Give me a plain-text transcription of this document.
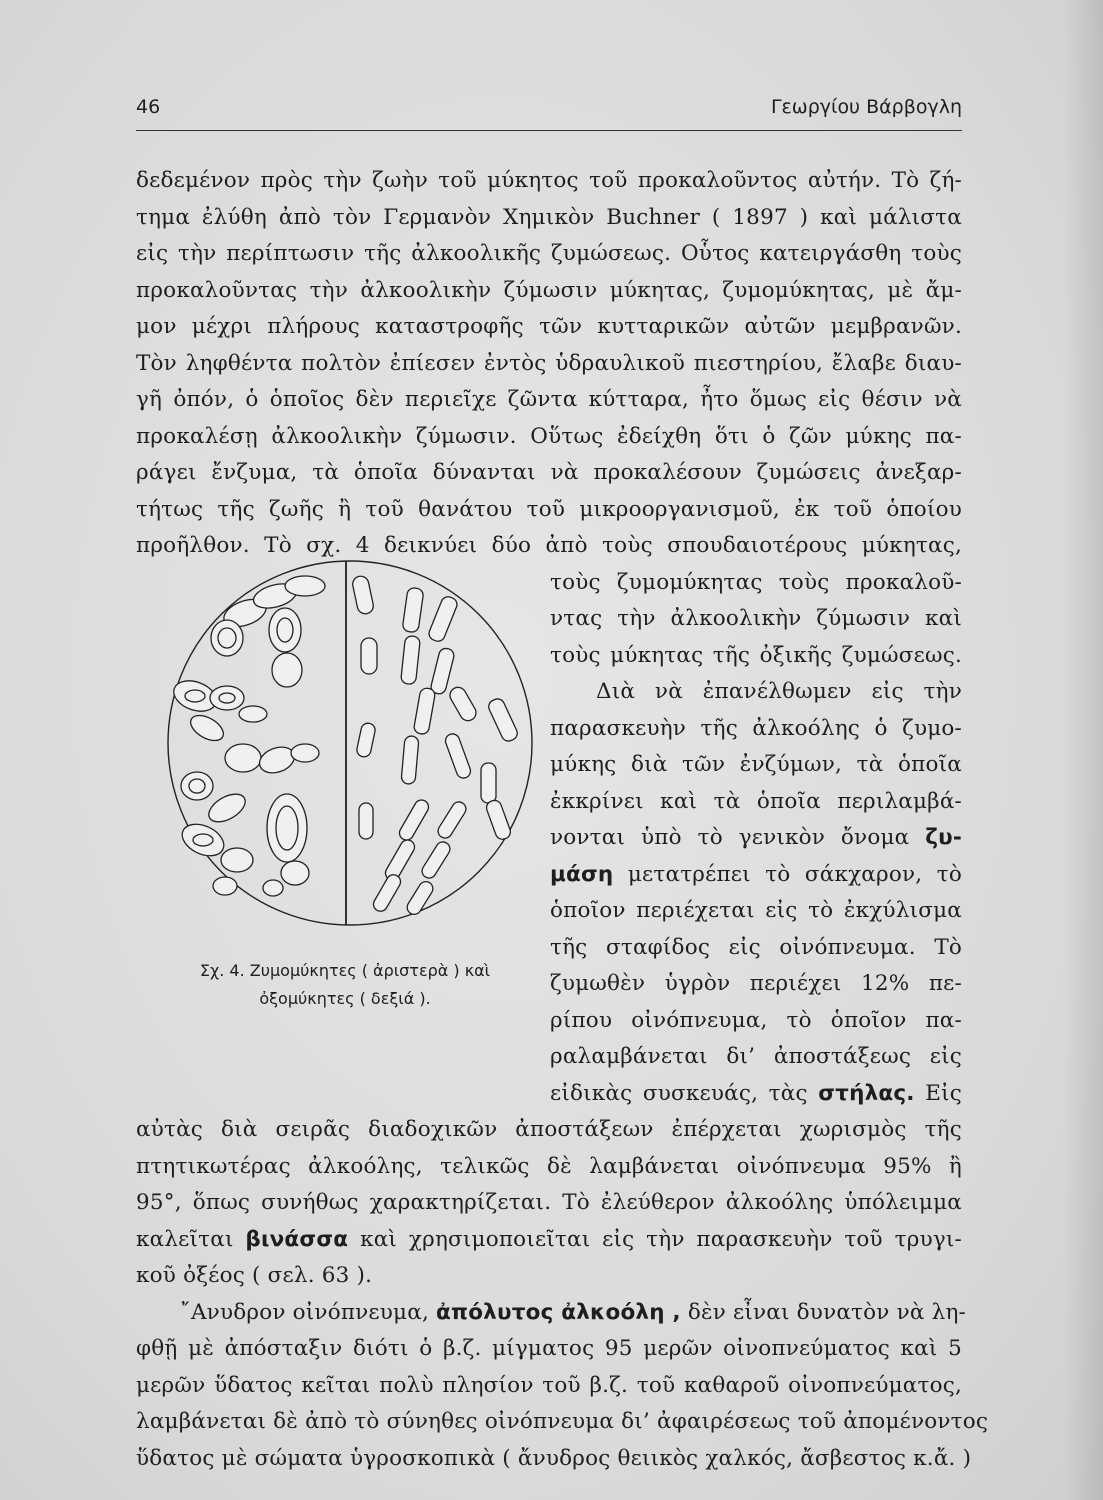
46	Γεωργίου Βάρβογλη
δεδεμένον πρὸς τὴν ζωὴν τοῦ μύκητος τοῦ προκαλοῦντος αὐτήν. Τὸ ζή-
τημα ἐλύθη ἀπὸ τὸν Γερμανὸν Χημικὸν Buchner ( 1897 ) καὶ μάλιστα
εἰς τὴν περίπτωσιν τῆς ἀλκοολικῆς ζυμώσεως. Οὗτος κατειργάσθη τοὺς
προκαλοῦντας τὴν ἀλκοολικὴν ζύμωσιν μύκητας, ζυμομύκητας, μὲ ἄμ-
μον μέχρι πλήρους καταστροφῆς τῶν κυτταρικῶν αὐτῶν μεμβρανῶν.
Τὸν ληφθέντα πολτὸν ἐπίεσεν ἐντὸς ὑδραυλικοῦ πιεστηρίου, ἔλαβε διαυ-
γῆ ὀπόν, ὁ ὁποῖος δὲν περιεῖχε ζῶντα κύτταρα, ἦτο ὅμως εἰς θέσιν νὰ
προκαλέσῃ ἀλκοολικὴν ζύμωσιν. Οὕτως ἐδείχθη ὅτι ὁ ζῶν μύκης πα-
ράγει ἔνζυμα, τὰ ὁποῖα δύνανται νὰ προκαλέσουν ζυμώσεις ἀνεξαρ-
τήτως τῆς ζωῆς ἢ τοῦ θανάτου τοῦ μικροοργανισμοῦ, ἐκ τοῦ ὁποίου
προῆλθον. Τὸ σχ. 4 δεικνύει δύο ἀπὸ τοὺς σπουδαιοτέρους μύκητας,
τοὺς ζυμομύκητας τοὺς προκαλοῦ-
ντας τὴν ἀλκοολικὴν ζύμωσιν καὶ
τοὺς μύκητας τῆς ὀξικῆς ζυμώσεως.
Διὰ νὰ ἐπανέλθωμεν εἰς τὴν
παρασκευὴν τῆς ἀλκοόλης ὁ ζυμο-
μύκης διὰ τῶν ἐνζύμων, τὰ ὁποῖα
ἐκκρίνει καὶ τὰ ὁποῖα περιλαμβά-
νονται ὑπὸ τὸ γενικὸν ὄνομα ζυ-
μάση μετατρέπει τὸ σάκχαρον, τὸ
ὁποῖον περιέχεται εἰς τὸ ἐκχύλισμα
τῆς σταφίδος εἰς οἰνόπνευμα. Τὸ
ζυμωθὲν ὑγρὸν περιέχει 12% πε-
ρίπου οἰνόπνευμα, τὸ ὁποῖον πα-
ραλαμβάνεται δι’ ἀποστάξεως εἰς
εἰδικὰς συσκευάς, τὰς στήλας. Εἰς
αὐτὰς διὰ σειρᾶς διαδοχικῶν ἀποστάξεων ἐπέρχεται χωρισμὸς τῆς
πτητικωτέρας ἀλκοόλης, τελικῶς δὲ λαμβάνεται οἰνόπνευμα 95% ἢ
95°, ὅπως συνήθως χαρακτηρίζεται. Τὸ ἐλεύθερον ἀλκοόλης ὑπόλειμμα
καλεῖται βινάσσα καὶ χρησιμοποιεῖται εἰς τὴν παρασκευὴν τοῦ τρυγι-
κοῦ ὀξέος ( σελ. 63 ).
῎Ανυδρον οἰνόπνευμα, ἀπόλυτος ἀλκοόλη , δὲν εἶναι δυνατὸν νὰ λη-
φθῇ μὲ ἀπόσταξιν διότι ὁ β.ζ. μίγματος 95 μερῶν οἰνοπνεύματος καὶ 5
μερῶν ὕδατος κεῖται πολὺ πλησίον τοῦ β.ζ. τοῦ καθαροῦ οἰνοπνεύματος,
λαμβάνεται δὲ ἀπὸ τὸ σύνηθες οἰνόπνευμα δι’ ἀφαιρέσεως τοῦ ἀπομένοντος
ὕδατος μὲ σώματα ὑγροσκοπικὰ ( ἄνυδρος θειικὸς χαλκός, ἄσβεστος κ.ἄ. )
Σχ. 4. Ζυμομύκητες ( ἀριστερὰ ) καὶ
ὀξομύκητες ( δεξιά ).
